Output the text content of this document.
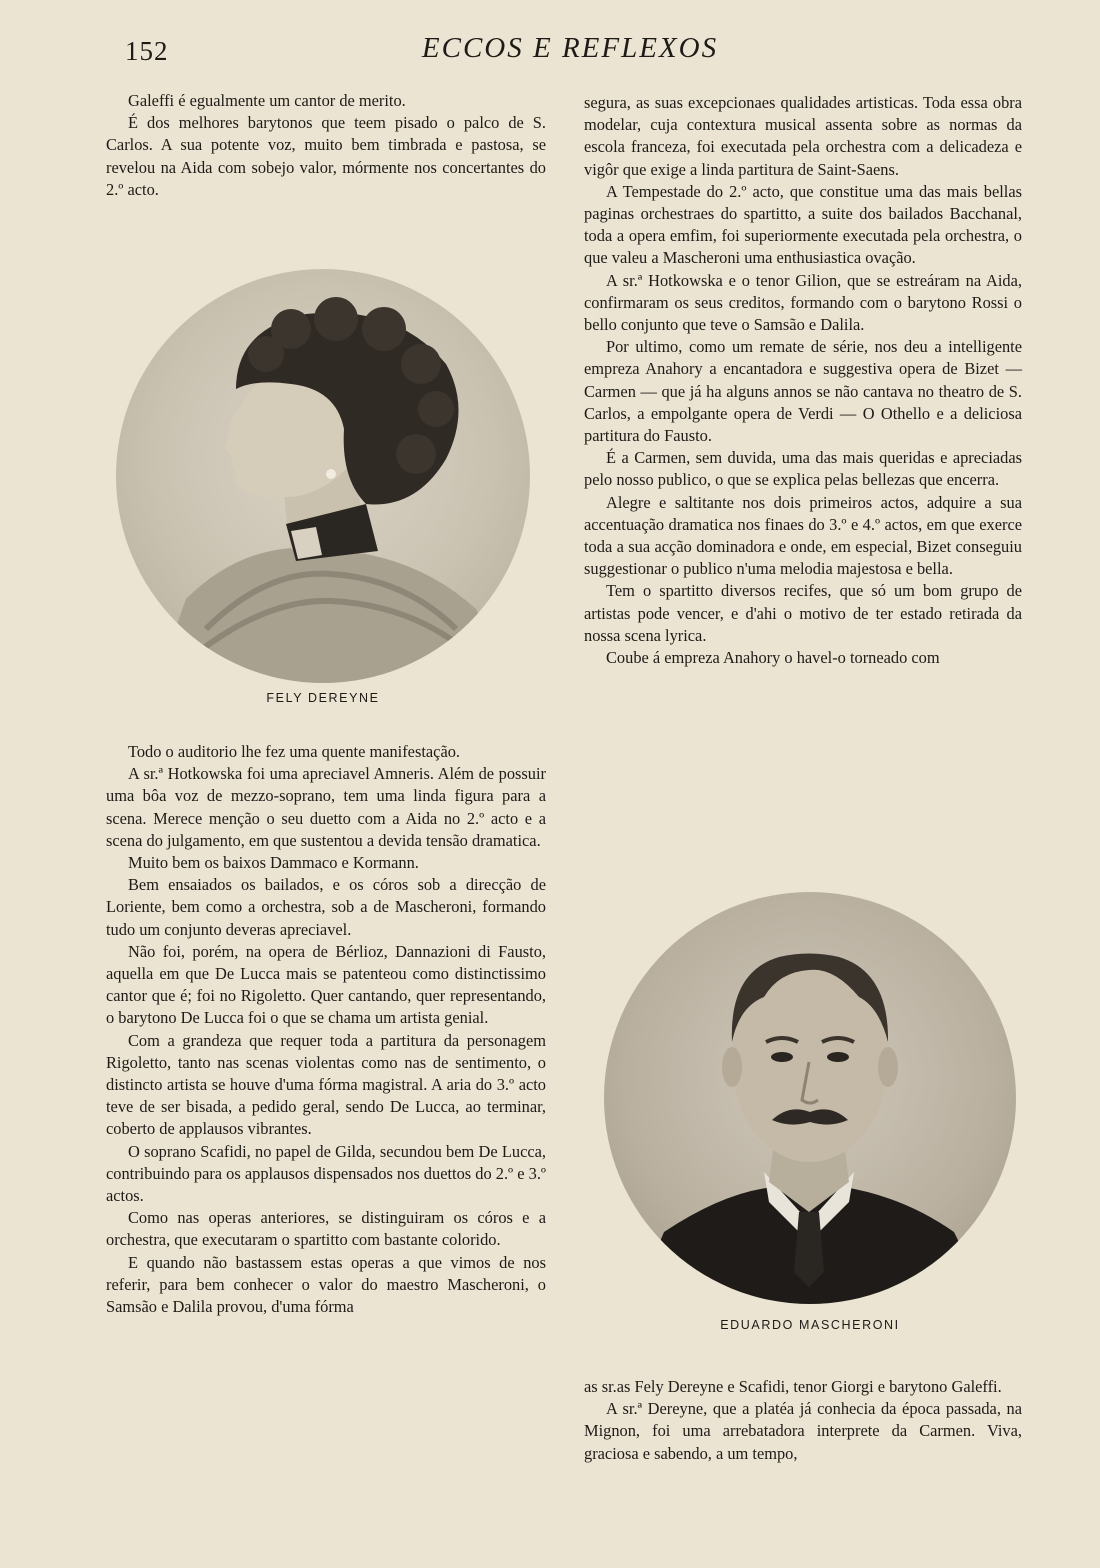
152	ECCOS E REFLEXOS

Galeffi é egualmente um cantor de merito.

É dos melhores barytonos que teem pisado o palco de S. Carlos. A sua potente voz, muito bem timbrada e pastosa, se revelou na Aida com sobejo valor, mórmente nos concertantes do 2.º acto.

FELY DEREYNE

Todo o auditorio lhe fez uma quente manifestação.

A sr.ª Hotkowska foi uma apreciavel Amneris. Além de possuir uma bôa voz de mezzo-soprano, tem uma linda figura para a scena. Merece menção o seu duetto com a Aida no 2.º acto e a scena do julgamento, em que sustentou a devida tensão dramatica.

Muito bem os baixos Dammaco e Kormann.

Bem ensaiados os bailados, e os córos sob a direcção de Loriente, bem como a orchestra, sob a de Mascheroni, formando tudo um conjunto deveras apreciavel.

Não foi, porém, na opera de Bérlioz, Dannazioni di Fausto, aquella em que De Lucca mais se patenteou como distinctissimo cantor que é; foi no Rigoletto. Quer cantando, quer representando, o barytono De Lucca foi o que se chama um artista genial.

Com a grandeza que requer toda a partitura da personagem Rigoletto, tanto nas scenas violentas como nas de sentimento, o distincto artista se houve d'uma fórma magistral. A aria do 3.º acto teve de ser bisada, a pedido geral, sendo De Lucca, ao terminar, coberto de applausos vibrantes.

O soprano Scafidi, no papel de Gilda, secundou bem De Lucca, contribuindo para os applausos dispensados nos duettos do 2.º e 3.º actos.

Como nas operas anteriores, se distinguiram os córos e a orchestra, que executaram o spartitto com bastante colorido.

E quando não bastassem estas operas a que vimos de nos referir, para bem conhecer o valor do maestro Mascheroni, o Samsão e Dalila provou, d'uma fórma

segura, as suas excepcionaes qualidades artisticas. Toda essa obra modelar, cuja contextura musical assenta sobre as normas da escola franceza, foi executada pela orchestra com a delicadeza e vigôr que exige a linda partitura de Saint-Saens.

A Tempestade do 2.º acto, que constitue uma das mais bellas paginas orchestraes do spartitto, a suite dos bailados Bacchanal, toda a opera emfim, foi superiormente executada pela orchestra, o que valeu a Mascheroni uma enthusiastica ovação.

A sr.ª Hotkowska e o tenor Gilion, que se estreáram na Aida, confirmaram os seus creditos, formando com o barytono Rossi o bello conjunto que teve o Samsão e Dalila.

Por ultimo, como um remate de série, nos deu a intelligente empreza Anahory a encantadora e suggestiva opera de Bizet — Carmen — que já ha alguns annos se não cantava no theatro de S. Carlos, a empolgante opera de Verdi — O Othello e a deliciosa partitura do Fausto.

É a Carmen, sem duvida, uma das mais queridas e apreciadas pelo nosso publico, o que se explica pelas bellezas que encerra.

Alegre e saltitante nos dois primeiros actos, adquire a sua accentuação dramatica nos finaes do 3.º e 4.º actos, em que exerce toda a sua acção dominadora e onde, em especial, Bizet conseguiu suggestionar o publico n'uma melodia majestosa e bella.

Tem o spartitto diversos recifes, que só um bom grupo de artistas pode vencer, e d'ahi o motivo de ter estado retirada da nossa scena lyrica.

Coube á empreza Anahory o havel-o torneado com

EDUARDO MASCHERONI

as sr.as Fely Dereyne e Scafidi, tenor Giorgi e barytono Galeffi.

A sr.ª Dereyne, que a platéa já conhecia da época passada, na Mignon, foi uma arrebatadora interprete da Carmen. Viva, graciosa e sabendo, a um tempo,
